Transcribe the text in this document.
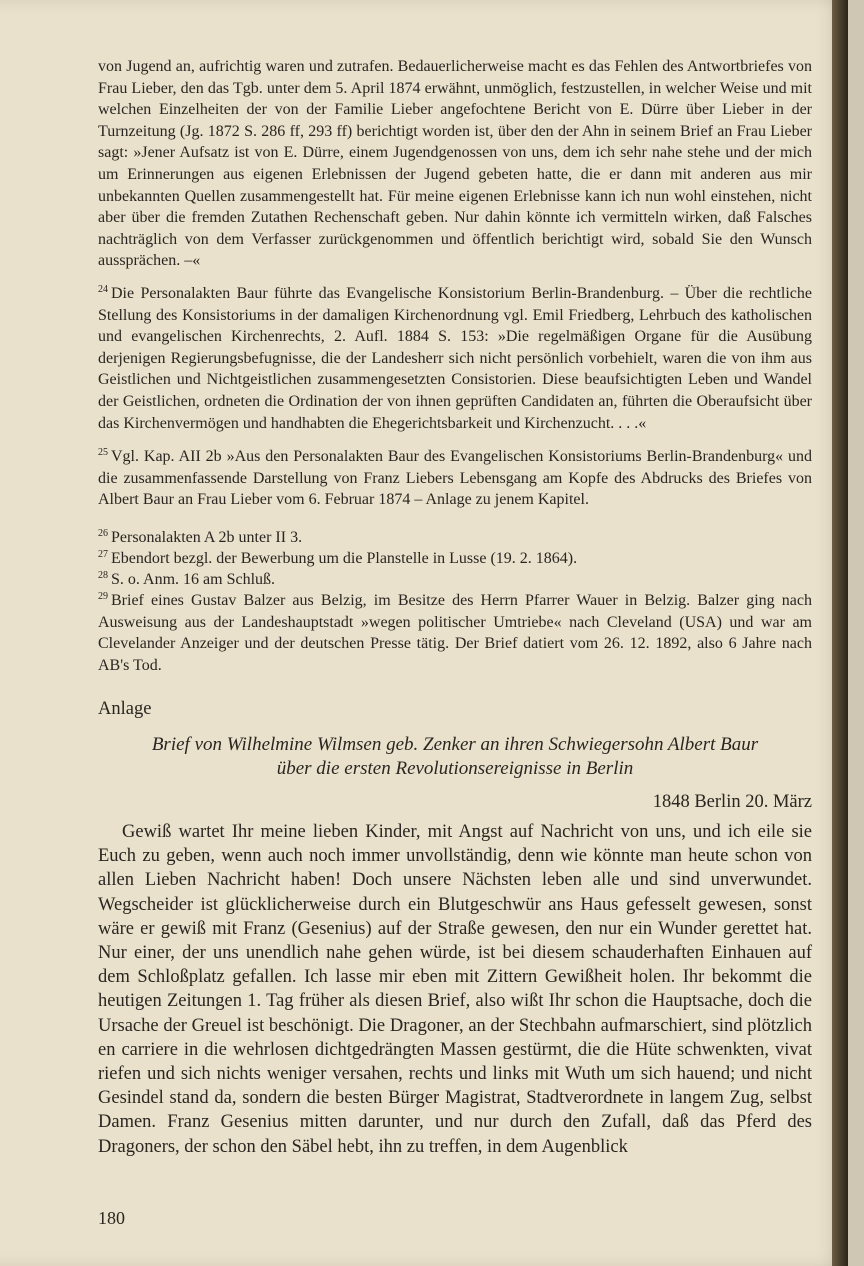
von Jugend an, aufrichtig waren und zutrafen. Bedauerlicherweise macht es das Fehlen des Antwortbriefes von Frau Lieber, den das Tgb. unter dem 5. April 1874 erwähnt, unmöglich, festzustellen, in welcher Weise und mit welchen Einzelheiten der von der Familie Lieber angefochtene Bericht von E. Dürre über Lieber in der Turnzeitung (Jg. 1872 S. 286 ff, 293 ff) berichtigt worden ist, über den der Ahn in seinem Brief an Frau Lieber sagt: »Jener Aufsatz ist von E. Dürre, einem Jugendgenossen von uns, dem ich sehr nahe stehe und der mich um Erinnerungen aus eigenen Erlebnissen der Jugend gebeten hatte, die er dann mit anderen aus mir unbekannten Quellen zusammengestellt hat. Für meine eigenen Erlebnisse kann ich nun wohl einstehen, nicht aber über die fremden Zutathen Rechenschaft geben. Nur dahin könnte ich vermitteln wirken, daß Falsches nachträglich von dem Verfasser zurückgenommen und öffentlich berichtigt wird, sobald Sie den Wunsch aussprächen. –«

$^{24}$ Die Personalakten Baur führte das Evangelische Konsistorium Berlin-Brandenburg. – Über die rechtliche Stellung des Konsistoriums in der damaligen Kirchenordnung vgl. Emil Friedberg, Lehrbuch des katholischen und evangelischen Kirchenrechts, 2. Aufl. 1884 S. 153: »Die regelmäßigen Organe für die Ausübung derjenigen Regierungsbefugnisse, die der Landesherr sich nicht persönlich vorbehielt, waren die von ihm aus Geistlichen und Nichtgeistlichen zusammengesetzten Consistorien. Diese beaufsichtigten Leben und Wandel der Geistlichen, ordneten die Ordination der von ihnen geprüften Candidaten an, führten die Oberaufsicht über das Kirchenvermögen und handhabten die Ehegerichtsbarkeit und Kirchenzucht. . . .«

$^{25}$ Vgl. Kap. AII 2b »Aus den Personalakten Baur des Evangelischen Konsistoriums Berlin-Brandenburg« und die zusammenfassende Darstellung von Franz Liebers Lebensgang am Kopfe des Abdrucks des Briefes von Albert Baur an Frau Lieber vom 6. Februar 1874 – Anlage zu jenem Kapitel.

$^{26}$ Personalakten A 2b unter II 3.

$^{27}$ Ebendort bezgl. der Bewerbung um die Planstelle in Lusse (19. 2. 1864).

$^{28}$ S. o. Anm. 16 am Schluß.

$^{29}$ Brief eines Gustav Balzer aus Belzig, im Besitze des Herrn Pfarrer Wauer in Belzig. Balzer ging nach Ausweisung aus der Landeshauptstadt »wegen politischer Umtriebe« nach Cleveland (USA) und war am Clevelander Anzeiger und der deutschen Presse tätig. Der Brief datiert vom 26. 12. 1892, also 6 Jahre nach AB's Tod.

Anlage

Brief von Wilhelmine Wilmsen geb. Zenker an ihren Schwiegersohn Albert Baur

über die ersten Revolutionsereignisse in Berlin

1848 Berlin 20. März

Gewiß wartet Ihr meine lieben Kinder, mit Angst auf Nachricht von uns, und ich eile sie Euch zu geben, wenn auch noch immer unvollständig, denn wie könnte man heute schon von allen Lieben Nachricht haben! Doch unsere Nächsten leben alle und sind unverwundet. Wegscheider ist glücklicherweise durch ein Blutgeschwür ans Haus gefesselt gewesen, sonst wäre er gewiß mit Franz (Gesenius) auf der Straße gewesen, den nur ein Wunder gerettet hat. Nur einer, der uns unendlich nahe gehen würde, ist bei diesem schauderhaften Einhauen auf dem Schloßplatz gefallen. Ich lasse mir eben mit Zittern Gewißheit holen. Ihr bekommt die heutigen Zeitungen 1. Tag früher als diesen Brief, also wißt Ihr schon die Hauptsache, doch die Ursache der Greuel ist beschönigt. Die Dragoner, an der Stechbahn aufmarschiert, sind plötzlich en carriere in die wehrlosen dichtgedrängten Massen gestürmt, die die Hüte schwenkten, vivat riefen und sich nichts weniger versahen, rechts und links mit Wuth um sich hauend; und nicht Gesindel stand da, sondern die besten Bürger Magistrat, Stadtverordnete in langem Zug, selbst Damen. Franz Gesenius mitten darunter, und nur durch den Zufall, daß das Pferd des Dragoners, der schon den Säbel hebt, ihn zu treffen, in dem Augenblick

180
